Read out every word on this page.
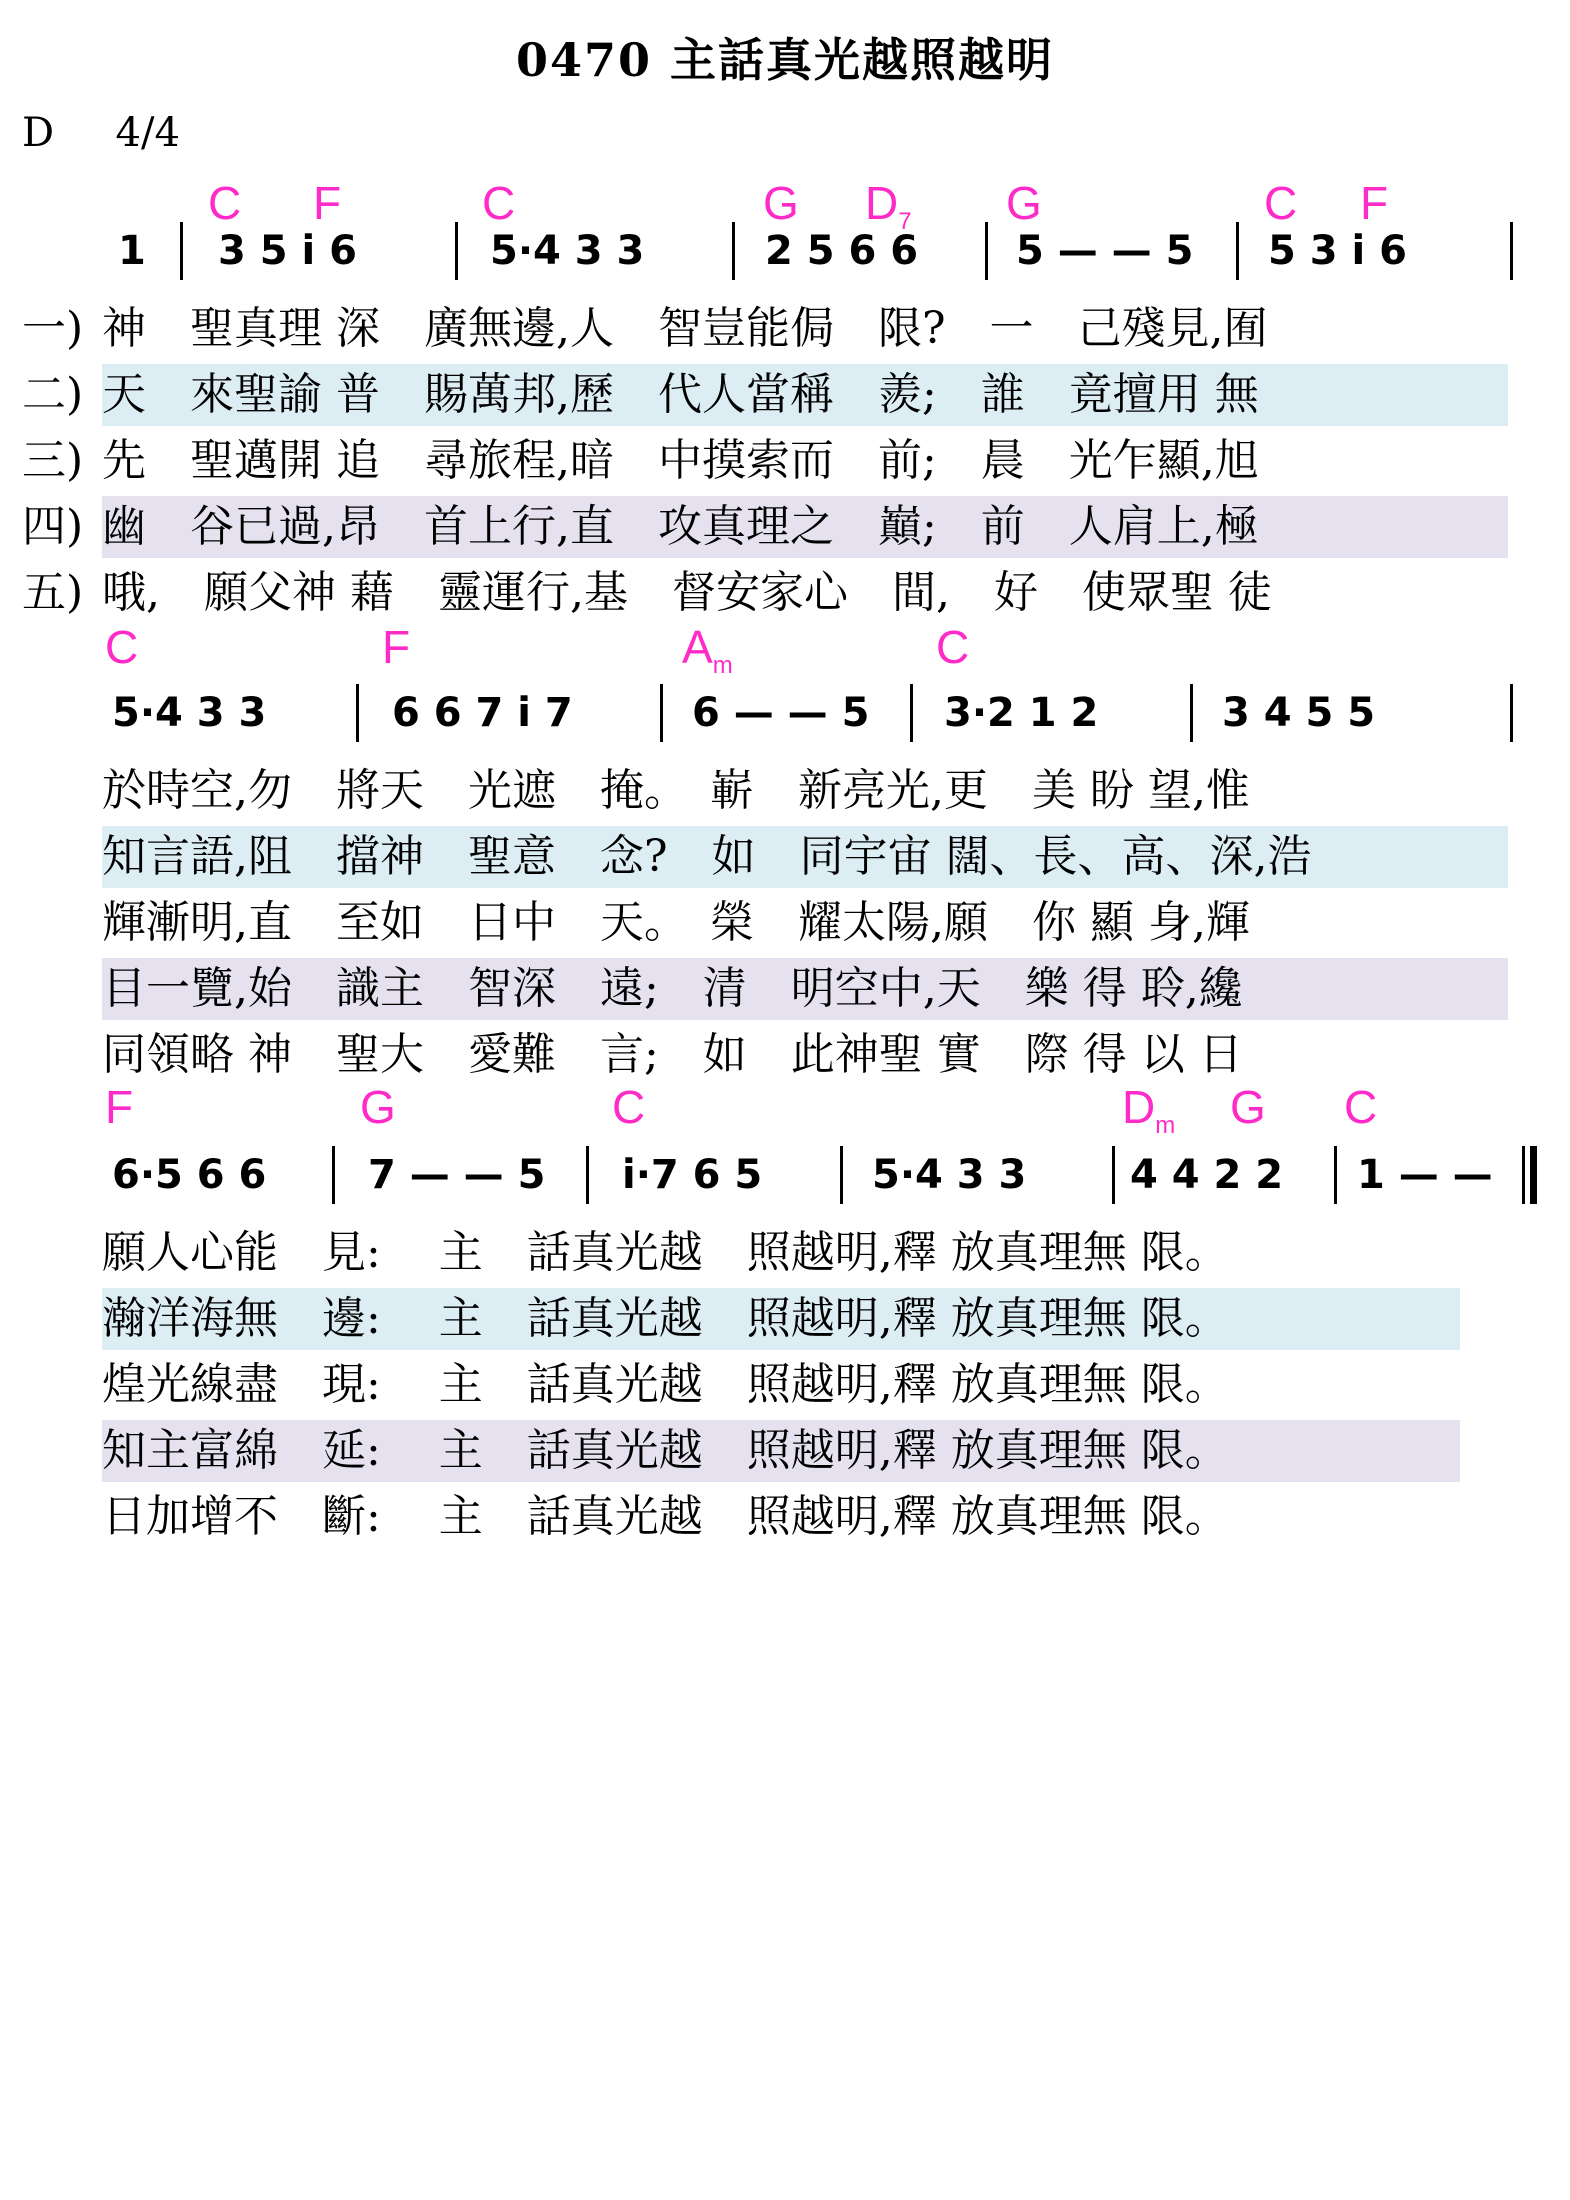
0470 主話真光越照越明
D 4/4
C F	C	G $D_7$ G	C F
1 3 5 i̇ 6	5·4 3 3	2 5 6 6 5 — — 5 5 3 i̇ 6
一) 神　聖真理 深　廣無邊,人　智豈能侷　限?　一　己殘見,囿
二) 天　來聖諭 普　賜萬邦,歷　代人當稱　羨;　誰　竟擅用 無
三) 先　聖邁開 追　尋旅程,暗　中摸索而　前;　晨　光乍顯,旭
四) 幽　谷已過,昂　首上行,直　攻真理之　巔;　前　人肩上,極
五) 哦,　願父神 藉　靈運行,基　督安家心　間,　好　使眾聖 徒
C	F	$A_m$	C
5·4 3 3	6 6 7 i̇ 7	6 — — 5 3·2 1 2	3 4 5 5
於時空,勿　將天　光遮　掩。　嶄　新亮光,更　美 盼 望,惟
知言語,阻　擋神　聖意　念?　如　同宇宙 闊、長、高、深,浩
輝漸明,直　至如　日中　天。　榮　耀太陽,願　你 顯 身,輝
目一覽,始　識主　智深　遠;　清　明空中,天　樂 得 聆,纔
同領略 神　聖大　愛難　言;　如　此神聖 實　際 得 以 日
F	G	C	$D_m$ G C
6·5 6 6	7 — — 5 i̇·7 6 5	5·4 3 3	4 4 2 2 1 — —
願人心能　見:　 主　話真光越　照越明,釋 放真理無 限。
瀚洋海無　邊:　 主　話真光越　照越明,釋 放真理無 限。
煌光線盡　現:　 主　話真光越　照越明,釋 放真理無 限。
知主富綿　延:　 主　話真光越　照越明,釋 放真理無 限。
日加增不　斷:　 主　話真光越　照越明,釋 放真理無 限。
